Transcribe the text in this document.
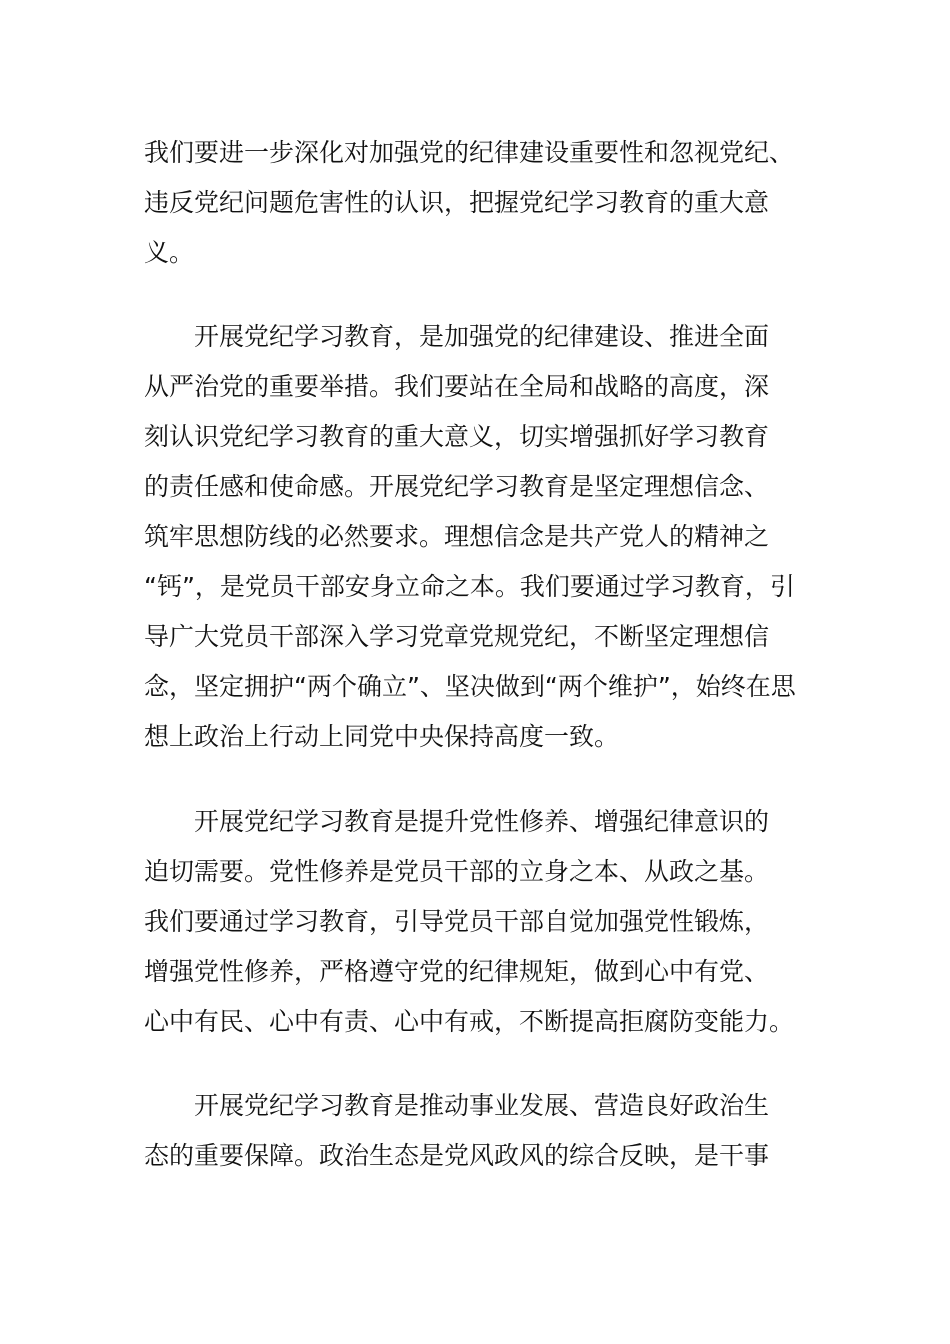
我们要进一步深化对加强党的纪律建设重要性和忽视党纪、
违反党纪问题危害性的认识，把握党纪学习教育的重大意
义。
开展党纪学习教育，是加强党的纪律建设、推进全面
从严治党的重要举措。我们要站在全局和战略的高度，深
刻认识党纪学习教育的重大意义，切实增强抓好学习教育
的责任感和使命感。开展党纪学习教育是坚定理想信念、
筑牢思想防线的必然要求。理想信念是共产党人的精神之
“钙”，是党员干部安身立命之本。我们要通过学习教育，引
导广大党员干部深入学习党章党规党纪，不断坚定理想信
念，坚定拥护“两个确立”、坚决做到“两个维护”，始终在思
想上政治上行动上同党中央保持高度一致。
开展党纪学习教育是提升党性修养、增强纪律意识的
迫切需要。党性修养是党员干部的立身之本、从政之基。
我们要通过学习教育，引导党员干部自觉加强党性锻炼，
增强党性修养，严格遵守党的纪律规矩，做到心中有党、
心中有民、心中有责、心中有戒，不断提高拒腐防变能力。
开展党纪学习教育是推动事业发展、营造良好政治生
态的重要保障。政治生态是党风政风的综合反映，是干事
